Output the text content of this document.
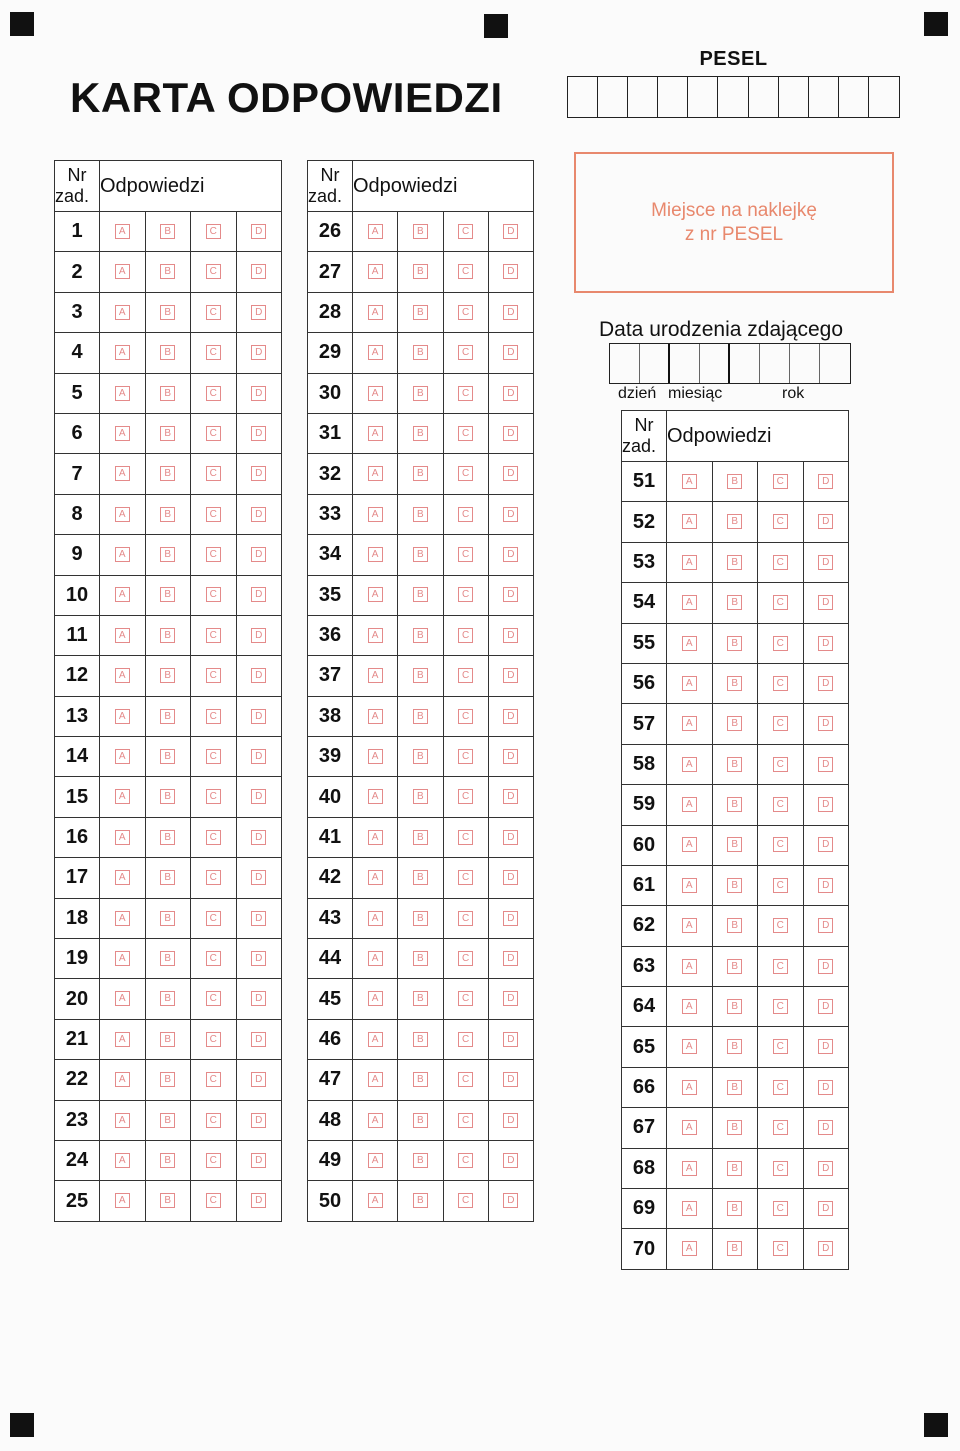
KARTA ODPOWIEDZI
PESEL
Miejsce na naklejkę
z nr PESEL
Data urodzenia zdającego
dzień miesiąc	rok
Nr
zad.	Odpowiedzi			
1	A	B	C	D
2	A	B	C	D
3	A	B	C	D
4	A	B	C	D
5	A	B	C	D
6	A	B	C	D
7	A	B	C	D
8	A	B	C	D
9	A	B	C	D
10	A	B	C	D
11	A	B	C	D
12	A	B	C	D
13	A	B	C	D
14	A	B	C	D
15	A	B	C	D
16	A	B	C	D
17	A	B	C	D
18	A	B	C	D
19	A	B	C	D
20	A	B	C	D
21	A	B	C	D
22	A	B	C	D
23	A	B	C	D
24	A	B	C	D
25	A	B	C	D
Nr
zad.	Odpowiedzi			
26	A	B	C	D
27	A	B	C	D
28	A	B	C	D
29	A	B	C	D
30	A	B	C	D
31	A	B	C	D
32	A	B	C	D
33	A	B	C	D
34	A	B	C	D
35	A	B	C	D
36	A	B	C	D
37	A	B	C	D
38	A	B	C	D
39	A	B	C	D
40	A	B	C	D
41	A	B	C	D
42	A	B	C	D
43	A	B	C	D
44	A	B	C	D
45	A	B	C	D
46	A	B	C	D
47	A	B	C	D
48	A	B	C	D
49	A	B	C	D
50	A	B	C	D
Nr
zad.	Odpowiedzi			
51	A	B	C	D
52	A	B	C	D
53	A	B	C	D
54	A	B	C	D
55	A	B	C	D
56	A	B	C	D
57	A	B	C	D
58	A	B	C	D
59	A	B	C	D
60	A	B	C	D
61	A	B	C	D
62	A	B	C	D
63	A	B	C	D
64	A	B	C	D
65	A	B	C	D
66	A	B	C	D
67	A	B	C	D
68	A	B	C	D
69	A	B	C	D
70	A	B	C	D
